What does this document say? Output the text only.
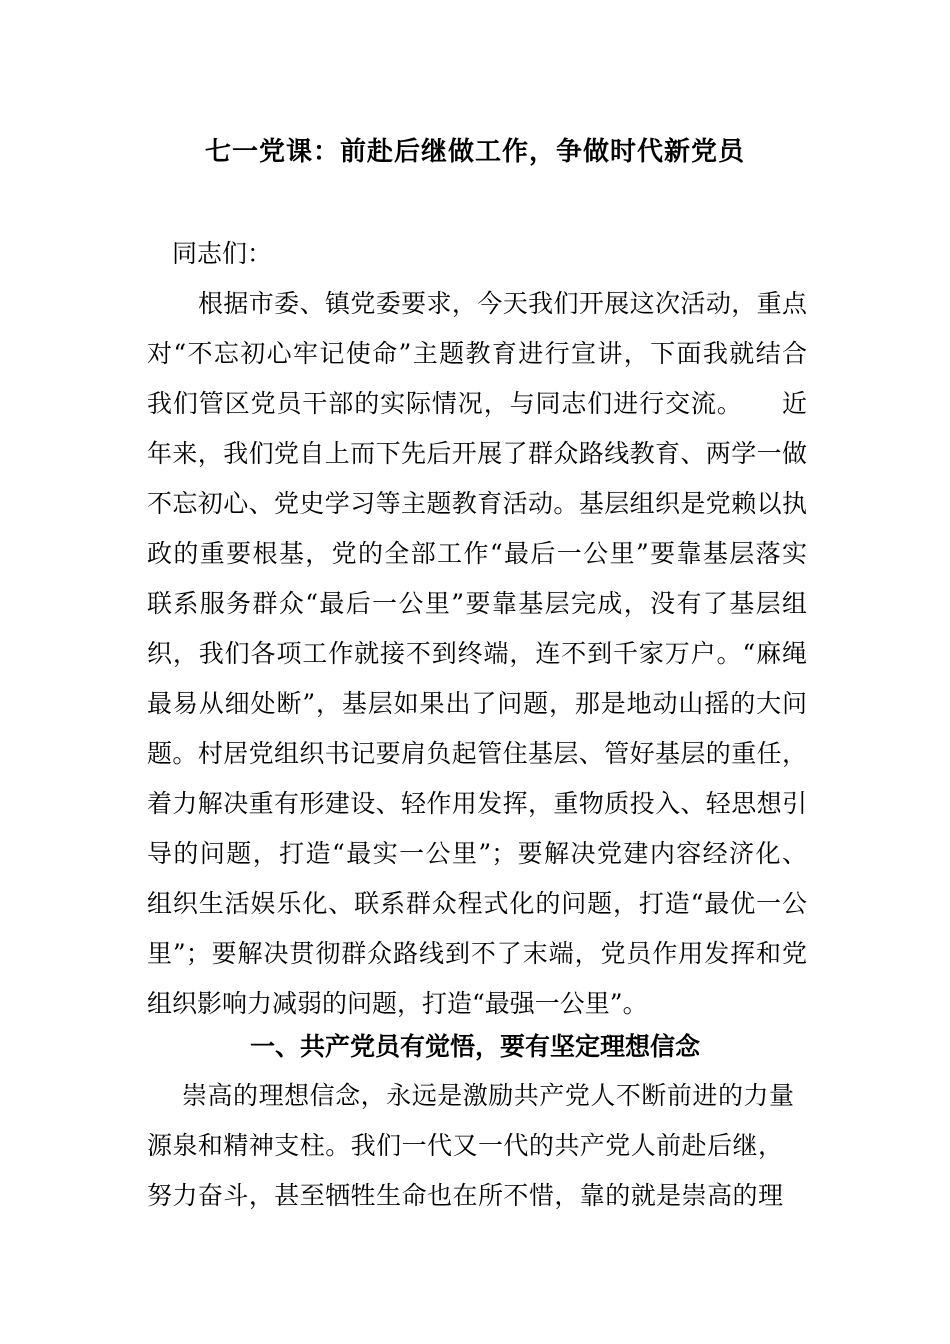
七一党课：前赴后继做工作，争做时代新党员
同志们：
根据市委、镇党委要求，今天我们开展这次活动，重点
对“不忘初心牢记使命”主题教育进行宣讲，下面我就结合
我们管区党员干部的实际情况，与同志们进行交流。　　近
年来，我们党自上而下先后开展了群众路线教育、两学一做
不忘初心、党史学习等主题教育活动。基层组织是党赖以执
政的重要根基，党的全部工作“最后一公里”要靠基层落实
联系服务群众“最后一公里”要靠基层完成，没有了基层组
织，我们各项工作就接不到终端，连不到千家万户。“麻绳
最易从细处断”，基层如果出了问题，那是地动山摇的大问
题。村居党组织书记要肩负起管住基层、管好基层的重任，
着力解决重有形建设、轻作用发挥，重物质投入、轻思想引
导的问题，打造“最实一公里”；要解决党建内容经济化、
组织生活娱乐化、联系群众程式化的问题，打造“最优一公
里”；要解决贯彻群众路线到不了末端，党员作用发挥和党
组织影响力减弱的问题，打造“最强一公里”。
一、共产党员有觉悟，要有坚定理想信念
崇高的理想信念，永远是激励共产党人不断前进的力量
源泉和精神支柱。我们一代又一代的共产党人前赴后继，
努力奋斗，甚至牺牲生命也在所不惜，靠的就是崇高的理
